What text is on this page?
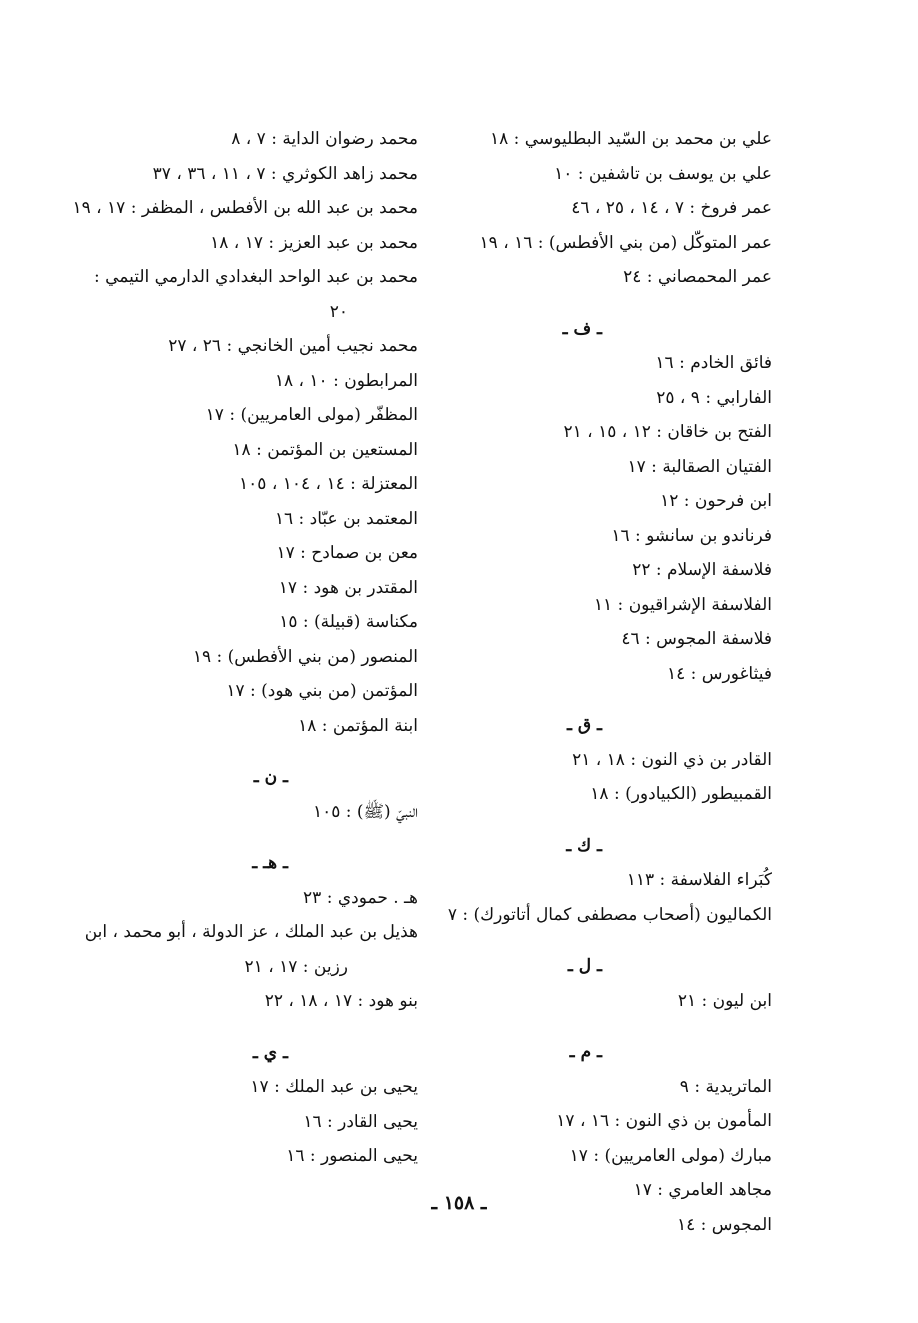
علي بن محمد بن السّيد البطليوسي : ١٨
علي بن يوسف بن تاشفين : ١٠
عمر فروخ : ٧ ، ١٤ ، ٢٥ ، ٤٦
عمر المتوكّل (من بني الأفطس) : ١٦ ، ١٩
عمر المحمصاني : ٢٤
ـ ف ـ
فائق الخادم : ١٦
الفارابي : ٩ ، ٢٥
الفتح بن خاقان : ١٢ ، ١٥ ، ٢١
الفتيان الصقالبة : ١٧
ابن فرحون : ١٢
فرناندو بن سانشو : ١٦
فلاسفة الإسلام : ٢٢
الفلاسفة الإشراقيون : ١١
فلاسفة المجوس : ٤٦
فيثاغورس : ١٤
ـ ق ـ
القادر بن ذي النون : ١٨ ، ٢١
القمبيطور (الكبيادور) : ١٨
ـ ك ـ
كُبَراء الفلاسفة : ١١٣
الكماليون (أصحاب مصطفى كمال أتاتورك) : ٧
ـ ل ـ
ابن ليون : ٢١
ـ م ـ
الماتريدية : ٩
المأمون بن ذي النون : ١٦ ، ١٧
مبارك (مولى العامريين) : ١٧
مجاهد العامري : ١٧
المجوس : ١٤
محمد رضوان الداية : ٧ ، ٨
محمد زاهد الكوثري : ٧ ، ١١ ، ٣٦ ، ٣٧
محمد بن عبد الله بن الأفطس ، المظفر : ١٧ ، ١٩
محمد بن عبد العزيز : ١٧ ، ١٨
محمد بن عبد الواحد البغدادي الدارمي التيمي :
٢٠
محمد نجيب أمين الخانجي : ٢٦ ، ٢٧
المرابطون : ١٠ ، ١٨
المظفّر (مولى العامريين) : ١٧
المستعين بن المؤتمن : ١٨
المعتزلة : ١٤ ، ١٠٤ ، ١٠٥
المعتمد بن عبّاد : ١٦
معن بن صمادح : ١٧
المقتدر بن هود : ١٧
مكناسة (قبيلة) : ١٥
المنصور (من بني الأفطس) : ١٩
المؤتمن (من بني هود) : ١٧
ابنة المؤتمن : ١٨
ـ ن ـ
النبيّ (ﷺ) : ١٠٥
ـ هـ ـ
هـ . حمودي : ٢٣
هذيل بن عبد الملك ، عز الدولة ، أبو محمد ، ابن
رزين : ١٧ ، ٢١
بنو هود : ١٧ ، ١٨ ، ٢٢
ـ ي ـ
يحيى بن عبد الملك : ١٧
يحيى القادر : ١٦
يحيى المنصور : ١٦
ـ ١٥٨ ـ
